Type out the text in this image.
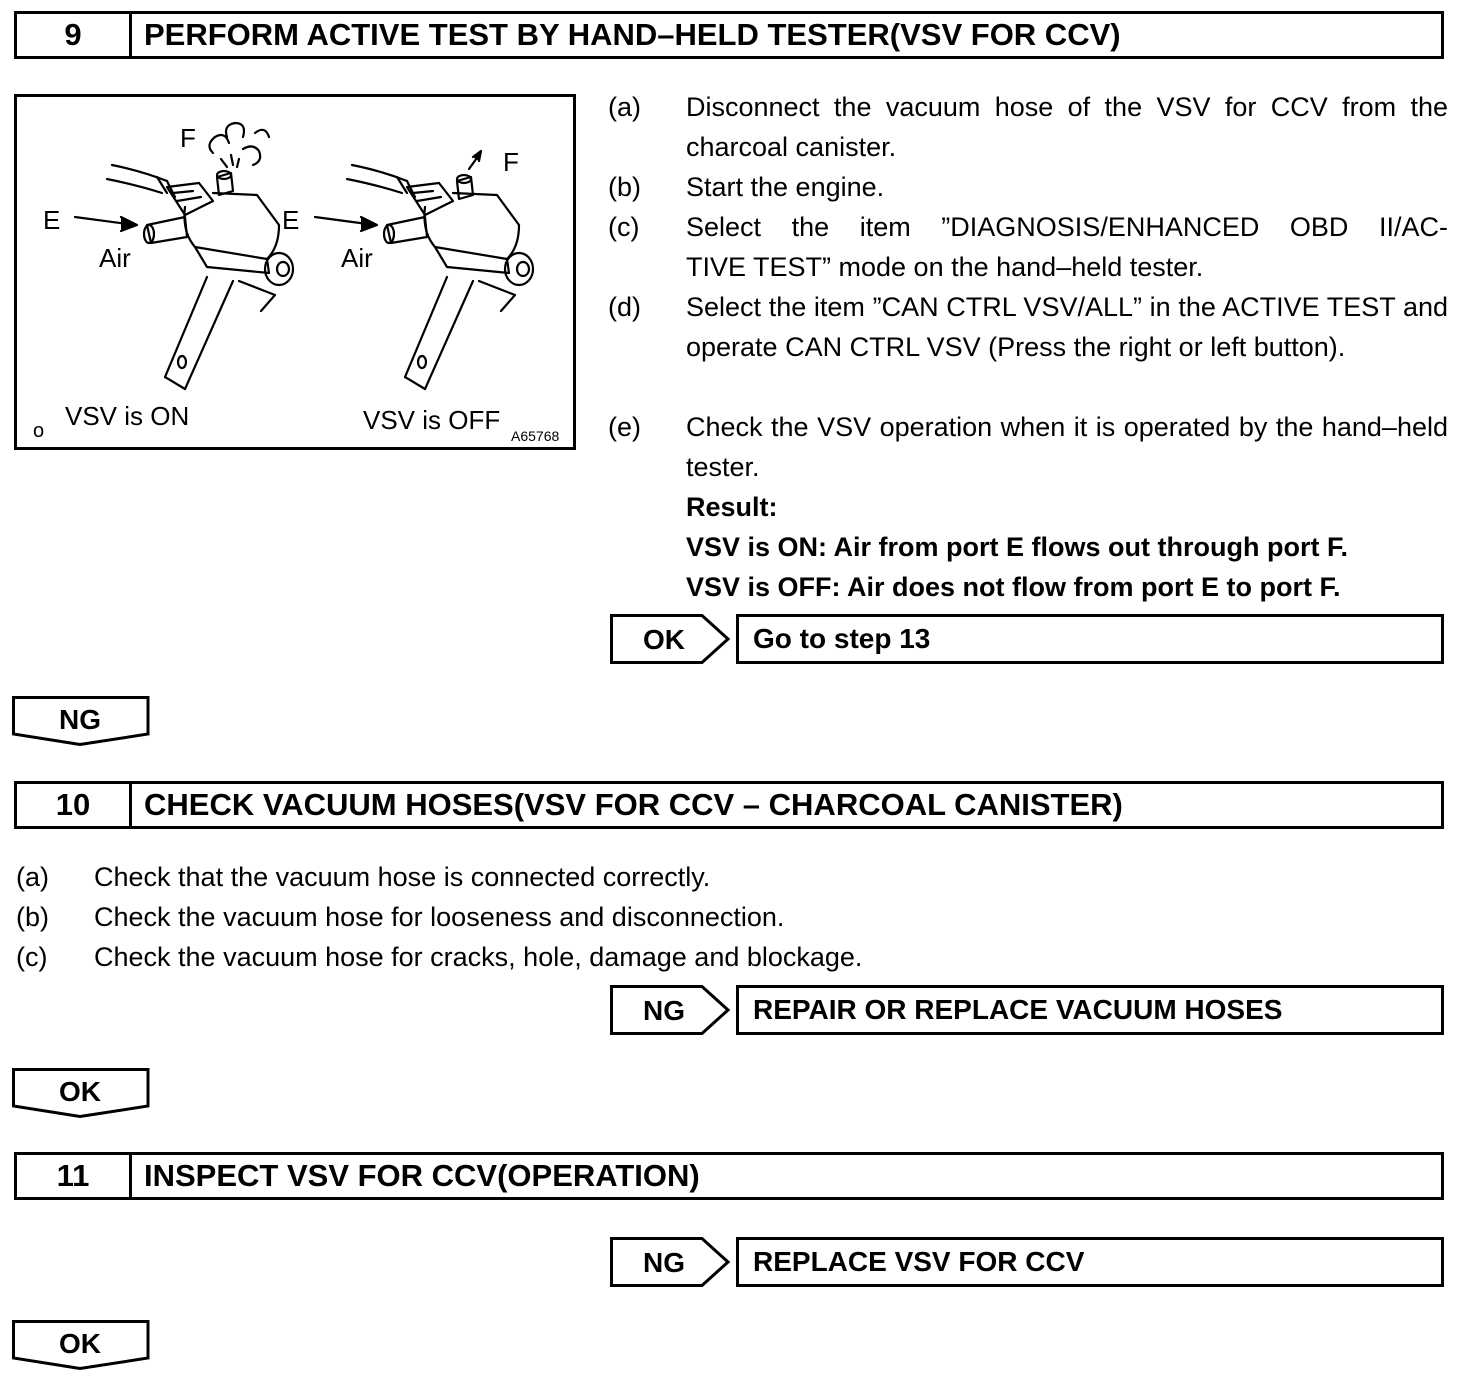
9	PERFORM ACTIVE TEST BY HAND–HELD TESTER(VSV FOR CCV)
F
E
Air
F
E
Air
VSV is ON	VSV is OFF
o	A65768
(a) Disconnect the vacuum hose of the VSV for CCV from the charcoal canister.
(b) Start the engine.
(c) Select the item ”DIAGNOSIS/ENHANCED OBD II/AC-
TIVE TEST” mode on the hand–held tester.
(d) Select the item ”CAN CTRL VSV/ALL” in the ACTIVE TEST and operate CAN CTRL VSV (Press the right or left button).
(e) Check the VSV operation when it is operated by the hand–held tester.
Result:
VSV is ON: Air from port E flows out through port F.
VSV is OFF: Air does not flow from port E to port F.
OK	Go to step 13
NG
10	CHECK VACUUM HOSES(VSV FOR CCV – CHARCOAL CANISTER)
(a) Check that the vacuum hose is connected correctly.
(b) Check the vacuum hose for looseness and disconnection.
(c) Check the vacuum hose for cracks, hole, damage and blockage.
NG	REPAIR OR REPLACE VACUUM HOSES
OK
11	INSPECT VSV FOR CCV(OPERATION)
NG	REPLACE VSV FOR CCV
OK
